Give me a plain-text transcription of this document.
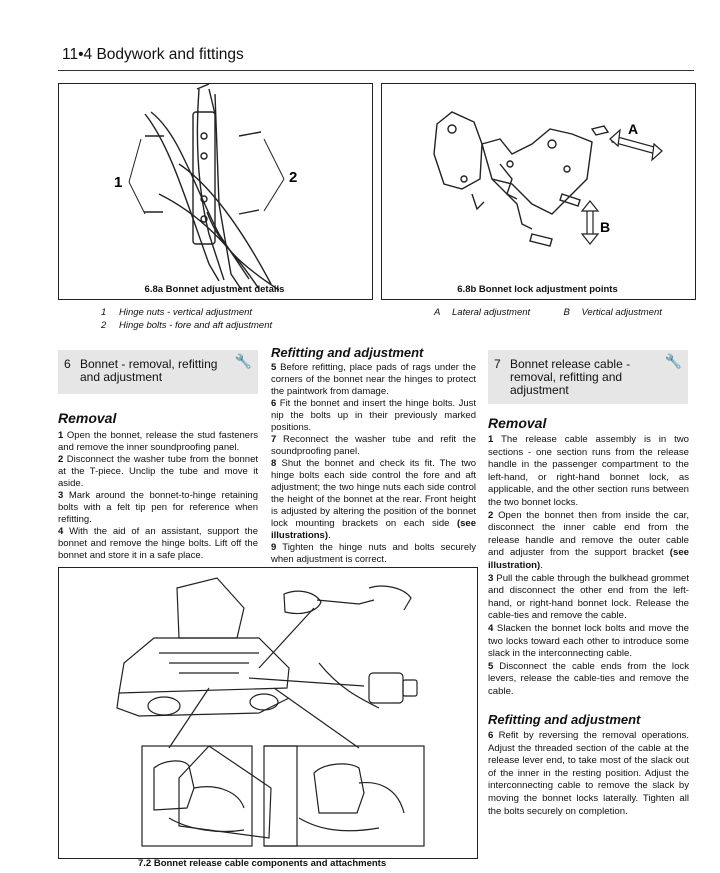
11•4 Bodywork and fittings
1	2
6.8a Bonnet adjustment details
1 Hinge nuts - vertical adjustment
2 Hinge bolts - fore and aft adjustment
A
B
6.8b Bonnet lock adjustment points
A Lateral adjustment	B Vertical adjustment
6 Bonnet - removal, refitting and adjustment
🔧
Removal

1 Open the bonnet, release the stud fasteners and remove the inner soundproofing panel.

2 Disconnect the washer tube from the bonnet at the T-piece. Unclip the tube and move it aside.

3 Mark around the bonnet-to-hinge retaining bolts with a felt tip pen for reference when refitting.

4 With the aid of an assistant, support the bonnet and remove the hinge bolts. Lift off the bonnet and store it in a safe place.

Refitting and adjustment

5 Before refitting, place pads of rags under the corners of the bonnet near the hinges to protect the paintwork from damage.

6 Fit the bonnet and insert the hinge bolts. Just nip the bolts up in their previously marked positions.

7 Reconnect the washer tube and refit the soundproofing panel.

8 Shut the bonnet and check its fit. The two hinge bolts each side control the fore and aft adjustment; the two hinge nuts each side control the height of the bonnet at the rear. Front height is adjusted by altering the position of the bonnet lock mounting brackets on each side (see illustrations).

9 Tighten the hinge nuts and bolts securely when adjustment is correct.

7.2 Bonnet release cable components and attachments
7 Bonnet release cable - removal, refitting and adjustment
🔧
Removal

1 The release cable assembly is in two sections - one section runs from the release handle in the passenger compartment to the left-hand, or right-hand bonnet lock, as applicable, and the other section runs between the two bonnet locks.

2 Open the bonnet then from inside the car, disconnect the inner cable end from the release handle and remove the outer cable and adjuster from the support bracket (see illustration).

3 Pull the cable through the bulkhead grommet and disconnect the other end from the left-hand, or right-hand bonnet lock. Release the cable-ties and remove the cable.

4 Slacken the bonnet lock bolts and move the two locks toward each other to introduce some slack in the interconnecting cable.

5 Disconnect the cable ends from the lock levers, release the cable-ties and remove the cable.

Refitting and adjustment

6 Refit by reversing the removal operations. Adjust the threaded section of the cable at the release lever end, to take most of the slack out of the inner in the resting position. Adjust the interconnecting cable to remove the slack by moving the bonnet locks laterally. Tighten all the bolts securely on completion.
